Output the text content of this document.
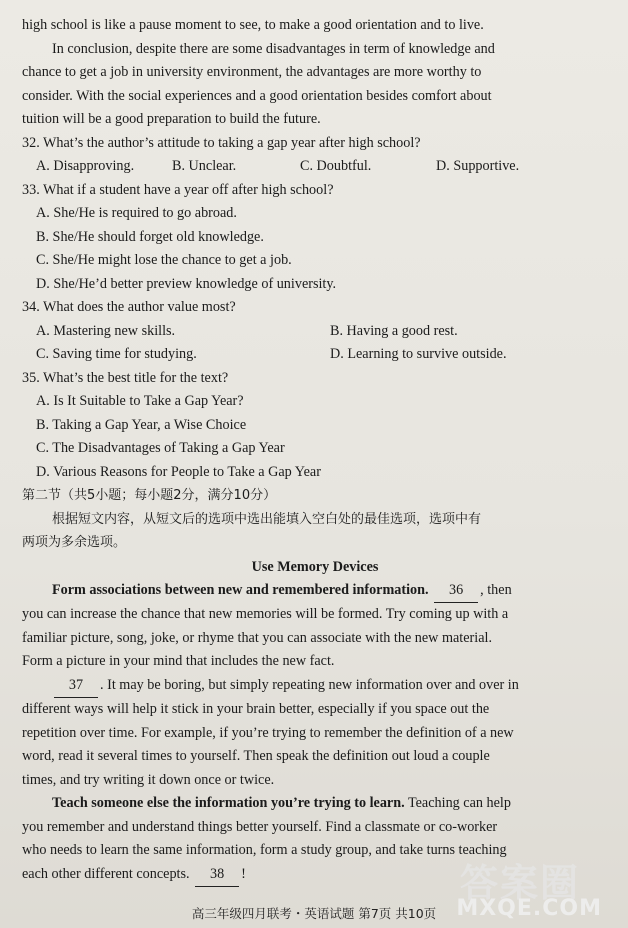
high school is like a pause moment to see, to make a good orientation and to live.
In conclusion, despite there are some disadvantages in term of knowledge and
chance to get a job in university environment, the advantages are more worthy to
consider. With the social experiences and a good orientation besides comfort about
tuition will be a good preparation to build the future.
32. What’s the author’s attitude to taking a gap year after high school?
A. Disapproving.	B. Unclear.	C. Doubtful.	D. Supportive.
33. What if a student have a year off after high school?
A. She/He is required to go abroad.
B. She/He should forget old knowledge.
C. She/He might lose the chance to get a job.
D. She/He’d better preview knowledge of university.
34. What does the author value most?
A. Mastering new skills.	B. Having a good rest.
C. Saving time for studying.	D. Learning to survive outside.
35. What’s the best title for the text?
A. Is It Suitable to Take a Gap Year?
B. Taking a Gap Year, a Wise Choice
C. The Disadvantages of Taking a Gap Year
D. Various Reasons for People to Take a Gap Year
第二节（共5小题；每小题2分，满分10分）
根据短文内容，从短文后的选项中选出能填入空白处的最佳选项，选项中有
两项为多余选项。
Use Memory Devices
Form associations between new and remembered information. 36 , then
you can increase the chance that new memories will be formed. Try coming up with a
familiar picture, song, joke, or rhyme that you can associate with the new material.
Form a picture in your mind that includes the new fact.
37 . It may be boring, but simply repeating new information over and over in
different ways will help it stick in your brain better, especially if you space out the
repetition over time. For example, if you’re trying to remember the definition of a new
word, read it several times to yourself. Then speak the definition out loud a couple
times, and try writing it down once or twice.
Teach someone else the information you’re trying to learn. Teaching can help
you remember and understand things better yourself. Find a classmate or co-worker
who needs to learn the same information, form a study group, and take turns teaching
each other different concepts. 38 !	答案圈
MXQE.COM
高三年级四月联考・英语试题 第7页 共10页
